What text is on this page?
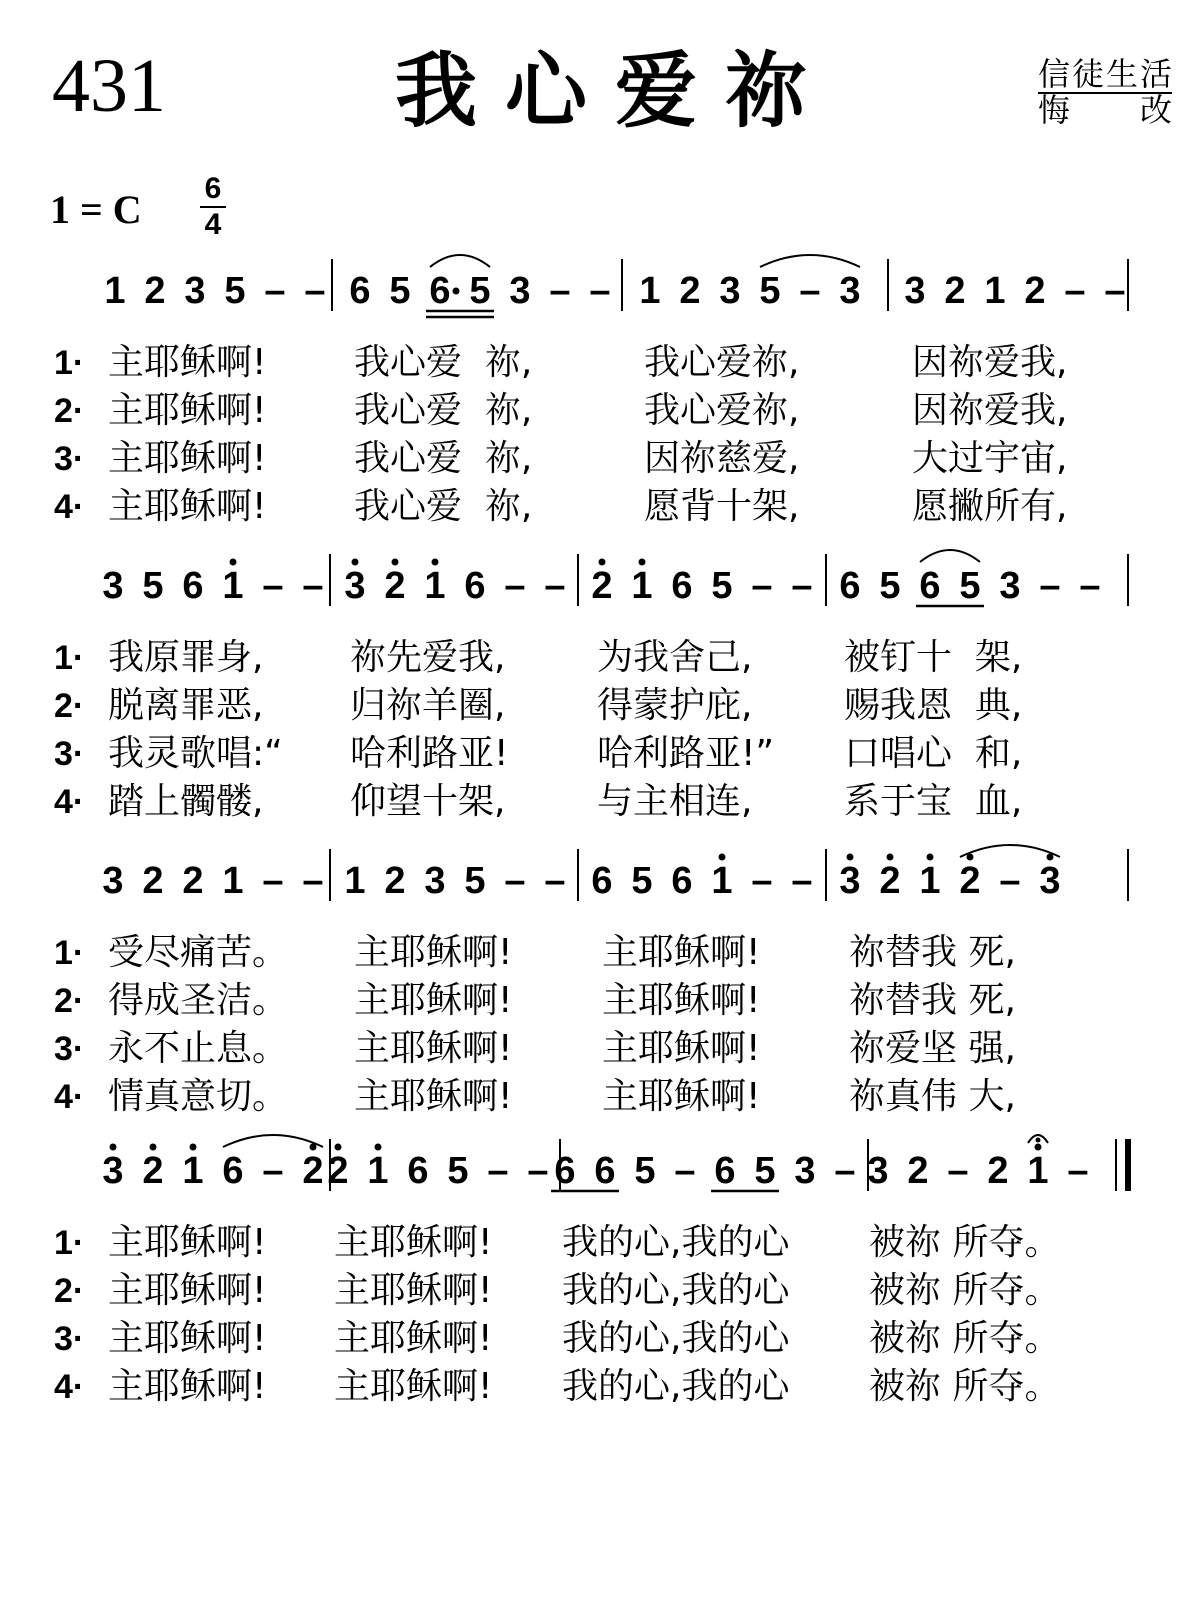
431	我心爱祢	信 徒 生 活
悔 改
1 = C 6
4
1 2 3 5 – – 6 5 6 5 3 – – 1 2 3 5 – 3 3 2 1 2 – –
3 5 6 1 – – 3 2 1 6 – – 2 1 6 5 – – 6 5 6 5 3 – –
3 2 2 1 – – 1 2 3 5 – – 6 5 6 1 – – 3 2 1 2 – 3
3 2 1 6 – 2 2 1 6 5 – – 6 6 5 – 6 5 3 – 3 2 – 2 1 –
1· 主耶稣啊! 我心爱  祢,	我心爱祢,	因祢爱我,
2· 主耶稣啊! 我心爱  祢,	我心爱祢,	因祢爱我,
3· 主耶稣啊! 我心爱  祢,	因祢慈爱,	大过宇宙,
4· 主耶稣啊! 我心爱  祢,	愿背十架,	愿撇所有,
1· 我原罪身, 祢先爱我,	为我舍己,	被钉十  架,
2· 脱离罪恶, 归祢羊圈,	得蒙护庇,	赐我恩  典,
3· 我灵歌唱:“ 哈利路亚! 哈利路亚!” 口唱心  和,
4· 踏上髑髅, 仰望十架,	与主相连,	系于宝  血,
1· 受尽痛苦。 主耶稣啊! 主耶稣啊! 祢替我 死,
2· 得成圣洁。 主耶稣啊! 主耶稣啊! 祢替我 死,
3· 永不止息。 主耶稣啊! 主耶稣啊! 祢爱坚 强,
4· 情真意切。 主耶稣啊! 主耶稣啊! 祢真伟 大,
1· 主耶稣啊! 主耶稣啊! 我的心,我的心 被祢 所夺。
2· 主耶稣啊! 主耶稣啊! 我的心,我的心 被祢 所夺。
3· 主耶稣啊! 主耶稣啊! 我的心,我的心 被祢 所夺。
4· 主耶稣啊! 主耶稣啊! 我的心,我的心 被祢 所夺。
